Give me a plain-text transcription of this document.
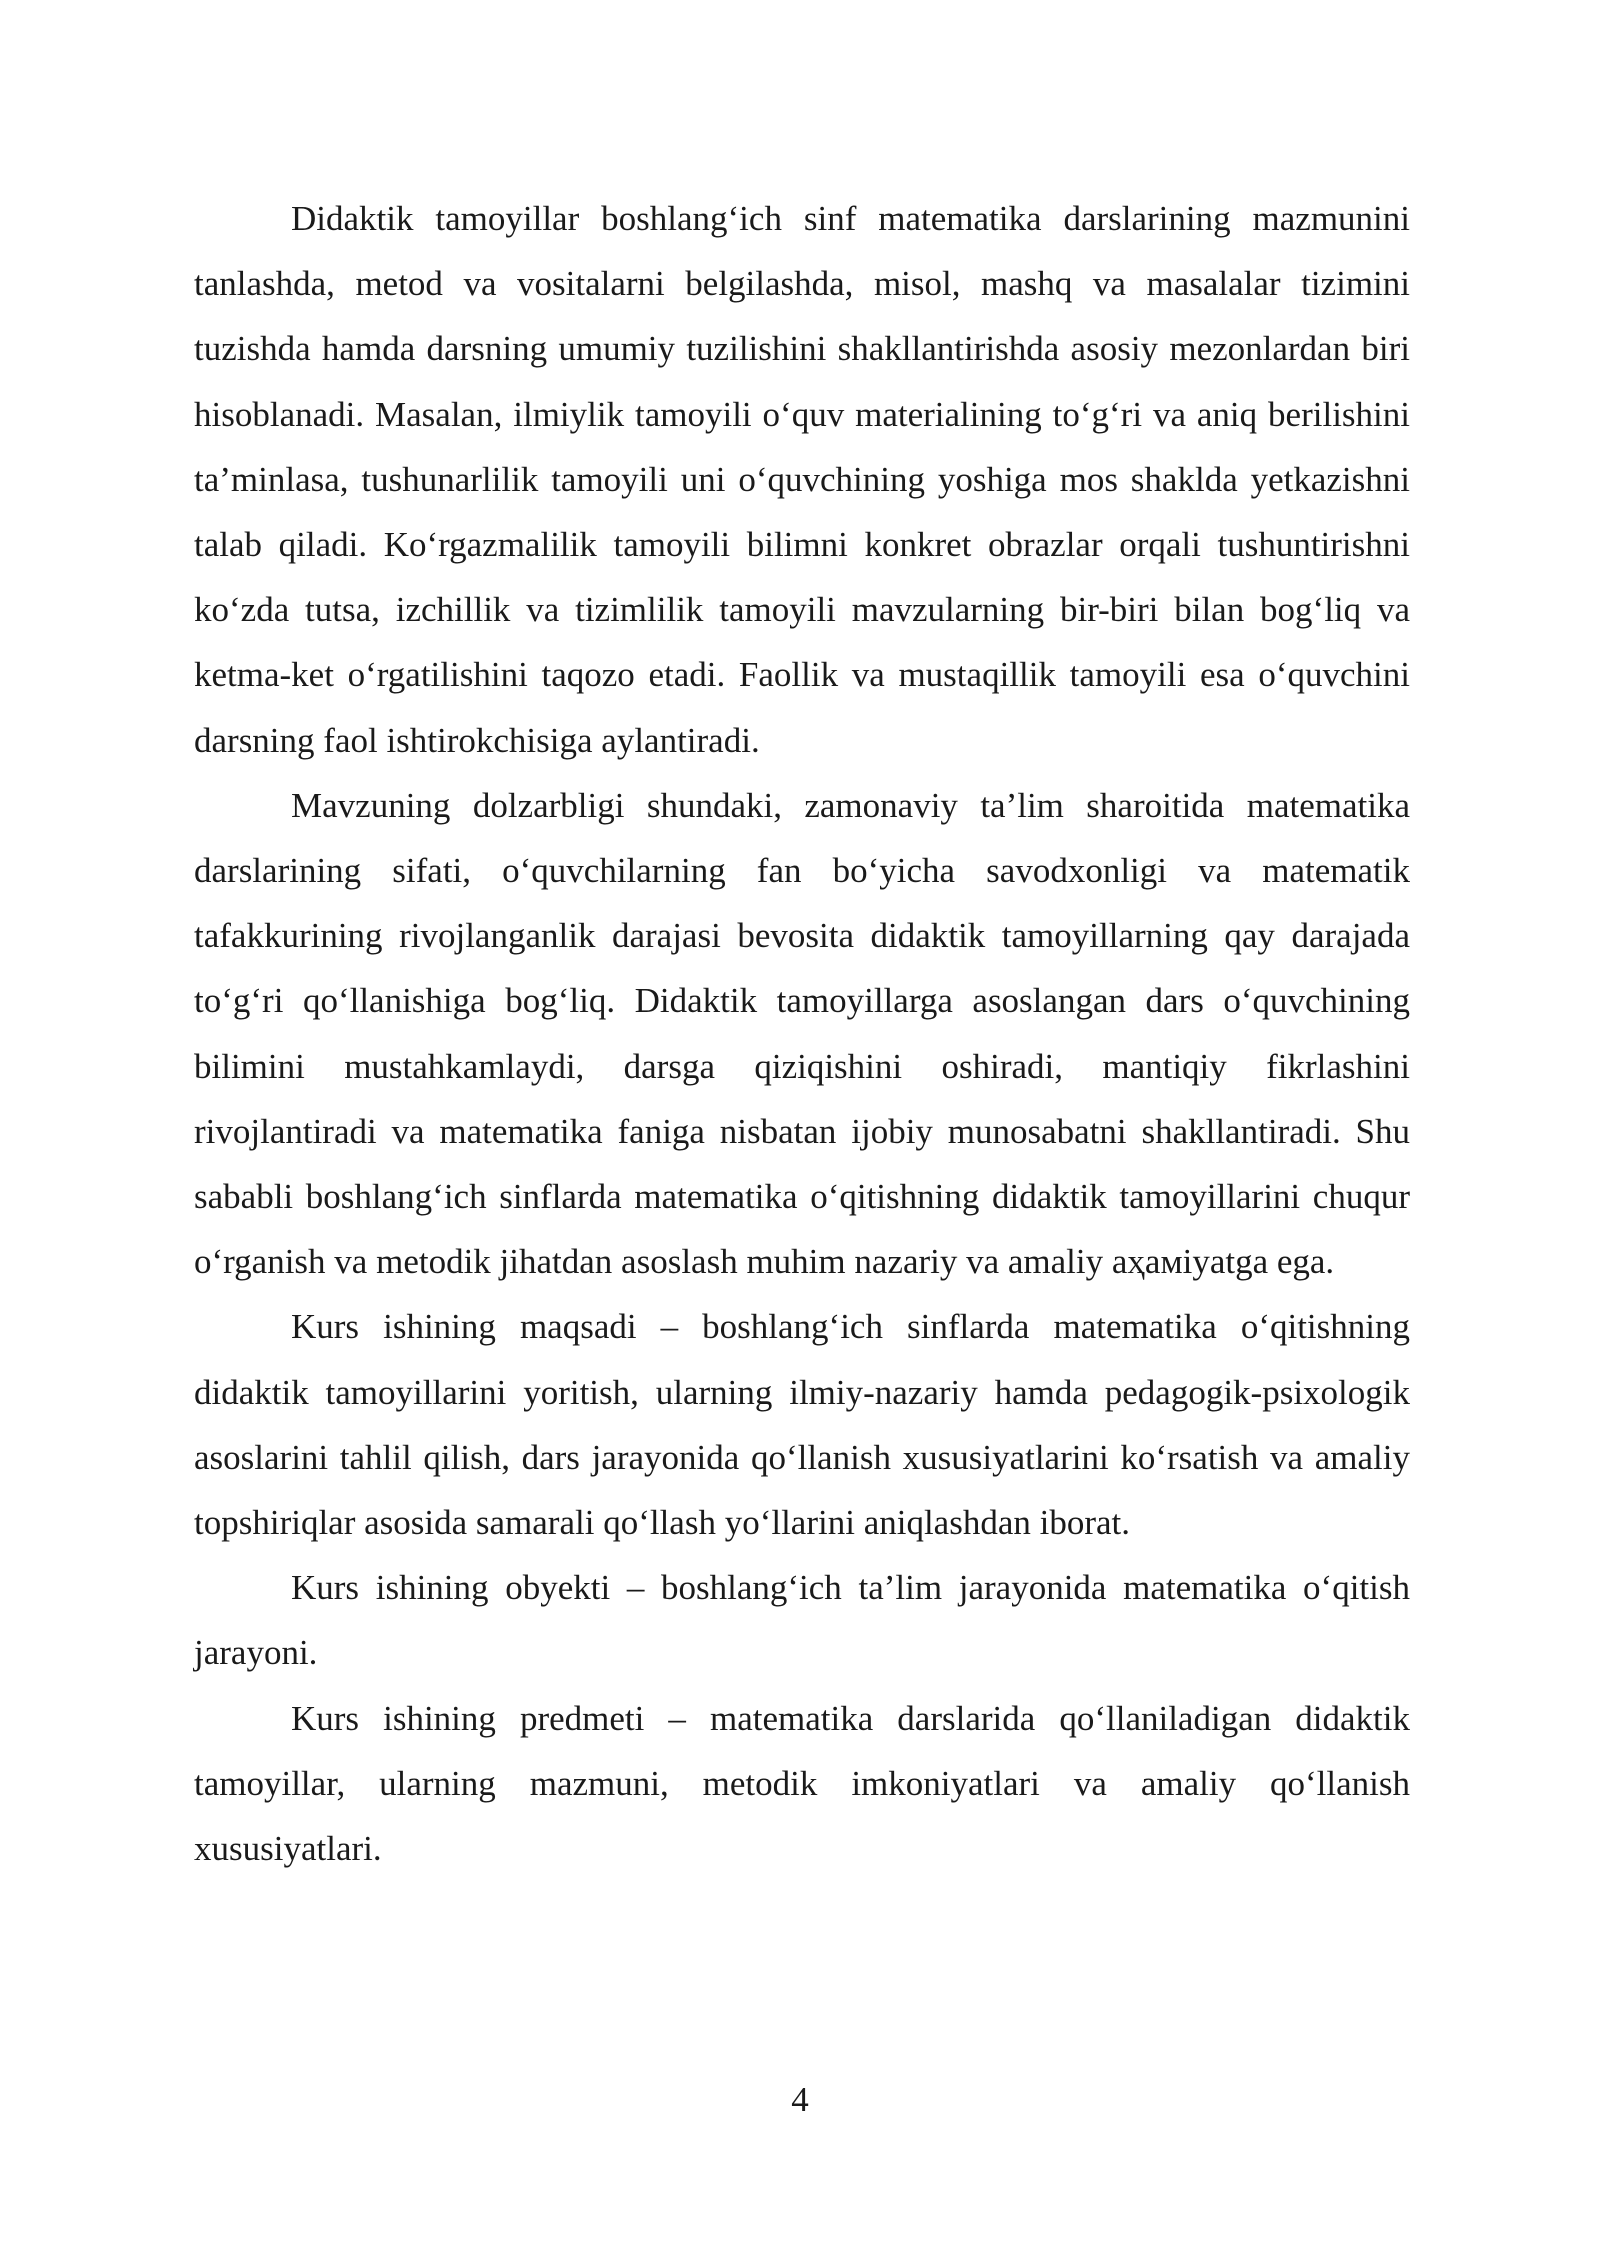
Didaktik tamoyillar boshlang‘ich sinf matematika darslarining mazmunini tanlashda, metod va vositalarni belgilashda, misol, mashq va masalalar tizimini tuzishda hamda darsning umumiy tuzilishini shakllantirishda asosiy mezonlardan biri hisoblanadi. Masalan, ilmiylik tamoyili o‘quv materialining to‘g‘ri va aniq berilishini ta’minlasa, tushunarlilik tamoyili uni o‘quvchining yoshiga mos shaklda yetkazishni talab qiladi. Ko‘rgazmalilik tamoyili bilimni konkret obrazlar orqali tushuntirishni ko‘zda tutsa, izchillik va tizimlilik tamoyili mavzularning bir-biri bilan bog‘liq va ketma-ket o‘rgatilishini taqozo etadi. Faollik va mustaqillik tamoyili esa o‘quvchini darsning faol ishtirokchisiga aylantiradi.

Mavzuning dolzarbligi shundaki, zamonaviy ta’lim sharoitida matematika darslarining sifati, o‘quvchilarning fan bo‘yicha savodxonligi va matematik tafakkurining rivojlanganlik darajasi bevosita didaktik tamoyillarning qay darajada to‘g‘ri qo‘llanishiga bog‘liq. Didaktik tamoyillarga asoslangan dars o‘quvchining bilimini mustahkamlaydi, darsga qiziqishini oshiradi, mantiqiy fikrlashini rivojlantiradi va matematika faniga nisbatan ijobiy munosabatni shakllantiradi. Shu sababli boshlang‘ich sinflarda matematika o‘qitishning didaktik tamoyillarini chuqur o‘rganish va metodik jihatdan asoslash muhim nazariy va amaliy aҳамiyatga ega.

Kurs ishining maqsadi – boshlang‘ich sinflarda matematika o‘qitishning didaktik tamoyillarini yoritish, ularning ilmiy-nazariy hamda pedagogik-psixologik asoslarini tahlil qilish, dars jarayonida qo‘llanish xususiyatlarini ko‘rsatish va amaliy topshiriqlar asosida samarali qo‘llash yo‘llarini aniqlashdan iborat.

Kurs ishining obyekti – boshlang‘ich ta’lim jarayonida matematika o‘qitish jarayoni.

Kurs ishining predmeti – matematika darslarida qo‘llaniladigan didaktik tamoyillar, ularning mazmuni, metodik imkoniyatlari va amaliy qo‘llanish xususiyatlari.

4
